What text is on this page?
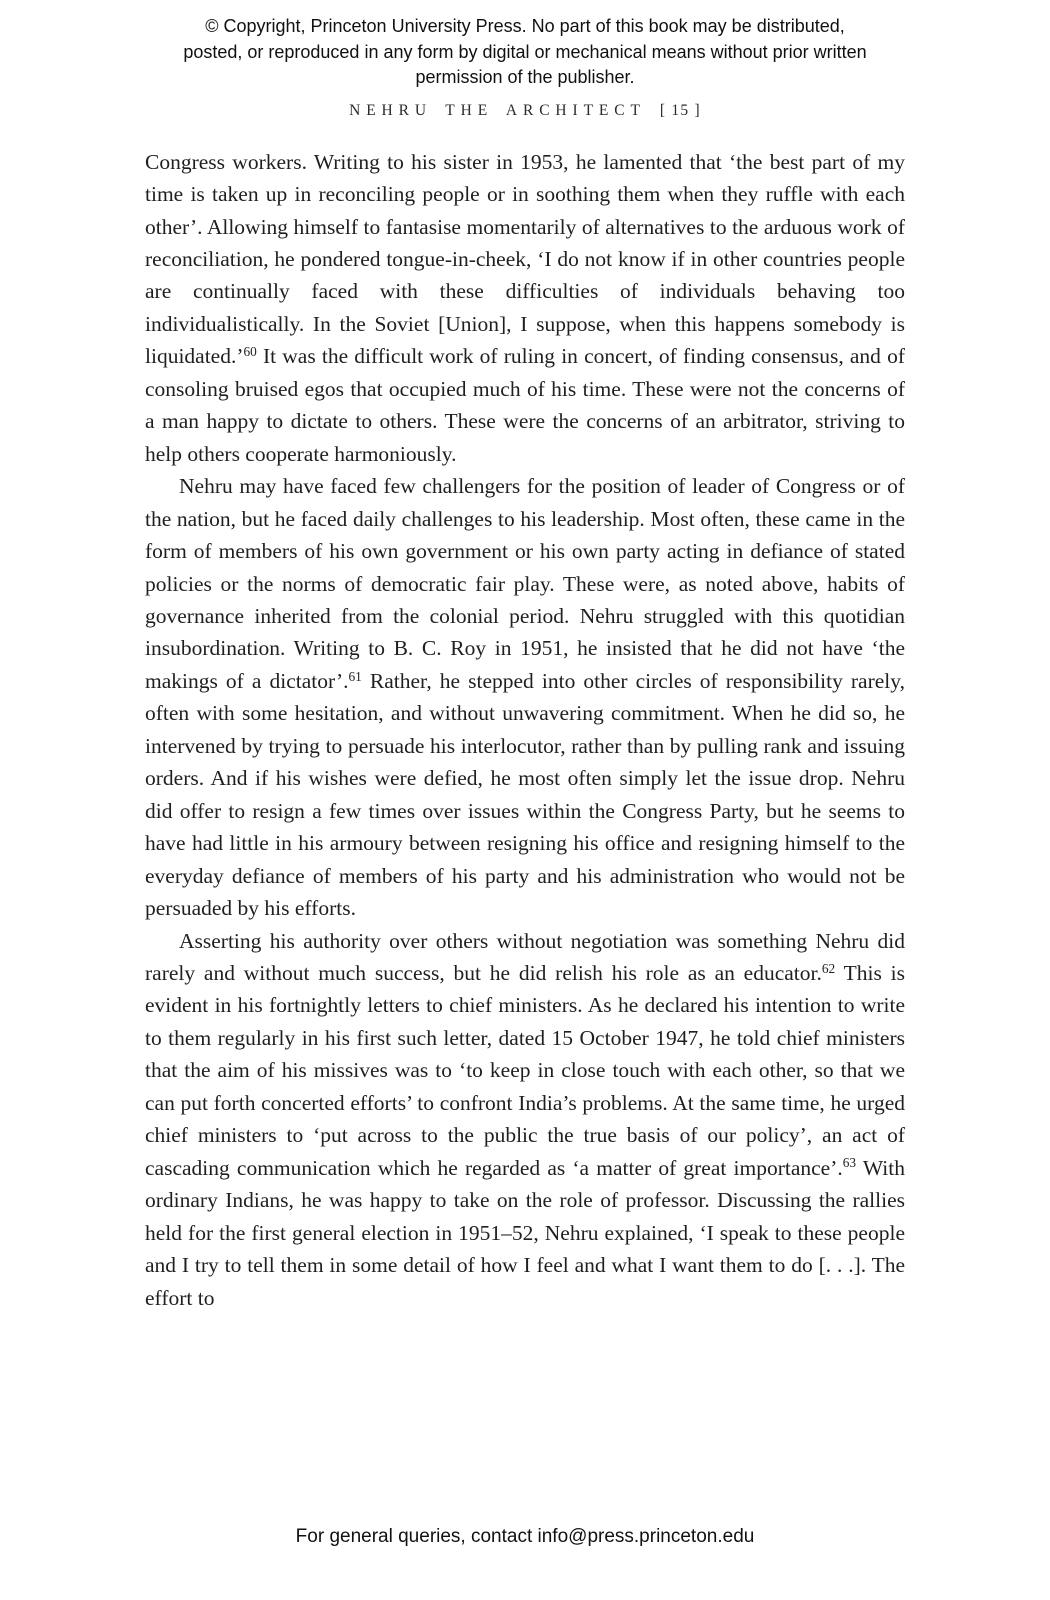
© Copyright, Princeton University Press. No part of this book may be distributed, posted, or reproduced in any form by digital or mechanical means without prior written permission of the publisher.
NEHRU THE ARCHITECT [ 15 ]

Congress workers. Writing to his sister in 1953, he lamented that ‘the best part of my time is taken up in reconciling people or in soothing them when they ruffle with each other’. Allowing himself to fantasise momentarily of alternatives to the arduous work of reconciliation, he pondered tongue-in-cheek, ‘I do not know if in other countries people are continually faced with these difficulties of individuals behaving too individualistically. In the Soviet [Union], I suppose, when this happens somebody is liquidated.’$^{60}$ It was the difficult work of ruling in concert, of finding consensus, and of consoling bruised egos that occupied much of his time. These were not the concerns of a man happy to dictate to others. These were the concerns of an arbitrator, striving to help others cooperate harmoniously.

Nehru may have faced few challengers for the position of leader of Congress or of the nation, but he faced daily challenges to his leadership. Most often, these came in the form of members of his own government or his own party acting in defiance of stated policies or the norms of democratic fair play. These were, as noted above, habits of governance inherited from the colonial period. Nehru struggled with this quotidian insubordination. Writing to B. C. Roy in 1951, he insisted that he did not have ‘the makings of a dictator’.$^{61}$ Rather, he stepped into other circles of responsibility rarely, often with some hesitation, and without unwavering commitment. When he did so, he intervened by trying to persuade his interlocutor, rather than by pulling rank and issuing orders. And if his wishes were defied, he most often simply let the issue drop. Nehru did offer to resign a few times over issues within the Congress Party, but he seems to have had little in his armoury between resigning his office and resigning himself to the everyday defiance of members of his party and his administration who would not be persuaded by his efforts.

Asserting his authority over others without negotiation was something Nehru did rarely and without much success, but he did relish his role as an educator.$^{62}$ This is evident in his fortnightly letters to chief ministers. As he declared his intention to write to them regularly in his first such letter, dated 15 October 1947, he told chief ministers that the aim of his missives was to ‘to keep in close touch with each other, so that we can put forth concerted efforts’ to confront India’s problems. At the same time, he urged chief ministers to ‘put across to the public the true basis of our policy’, an act of cascading communication which he regarded as ‘a matter of great importance’.$^{63}$ With ordinary Indians, he was happy to take on the role of professor. Discussing the rallies held for the first general election in 1951–52, Nehru explained, ‘I speak to these people and I try to tell them in some detail of how I feel and what I want them to do [. . .]. The effort to

For general queries, contact info@press.princeton.edu
